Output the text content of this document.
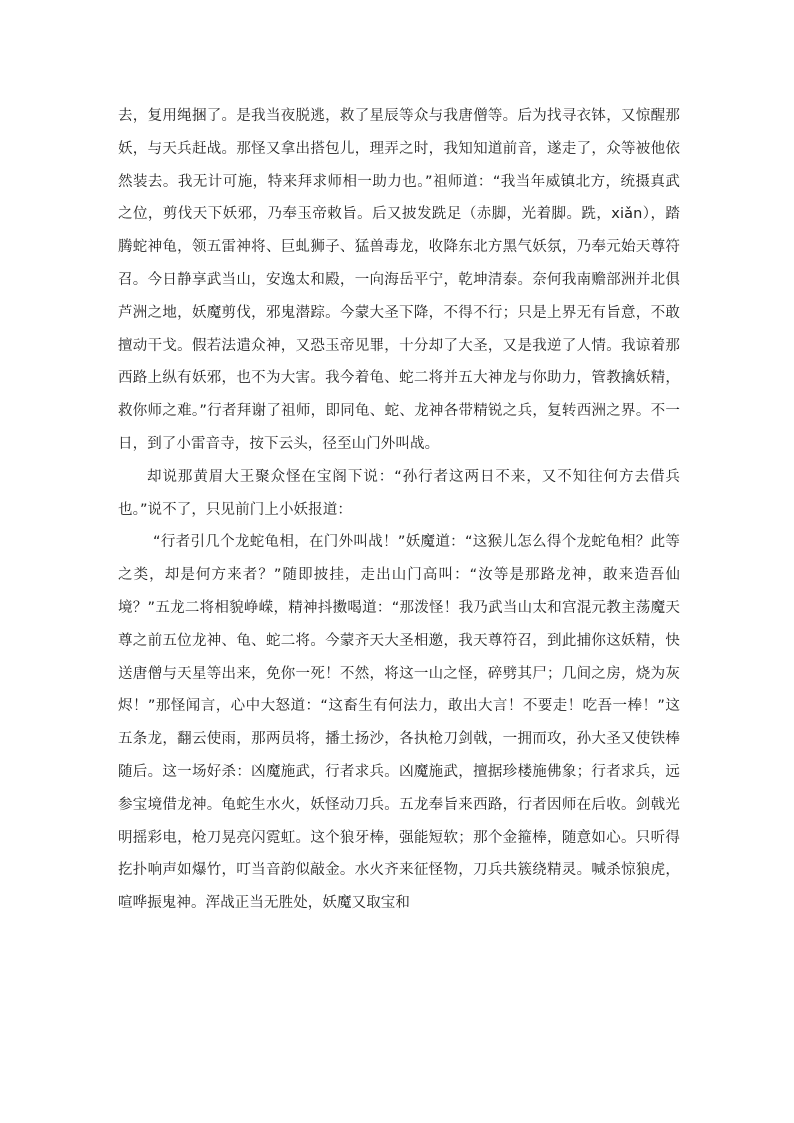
去，复用绳捆了。是我当夜脱逃，救了星辰等众与我唐僧等。后为找寻衣钵，又惊醒那妖，与天兵赶战。那怪又拿出搭包儿，理弄之时，我知知道前音，遂走了，众等被他依然装去。我无计可施，特来拜求师相一助力也。”祖师道：“我当年威镇北方，统摄真武之位，剪伐天下妖邪，乃奉玉帝敕旨。后又披发跣足（赤脚，光着脚。跣，xiǎn），踏腾蛇神龟，领五雷神将、巨虬狮子、猛兽毒龙，收降东北方黑气妖氛，乃奉元始天尊符召。今日静享武当山，安逸太和殿，一向海岳平宁，乾坤清泰。奈何我南赡部洲并北俱芦洲之地，妖魔剪伐，邪鬼潜踪。今蒙大圣下降，不得不行；只是上界无有旨意，不敢擅动干戈。假若法遣众神，又恐玉帝见罪，十分却了大圣，又是我逆了人情。我谅着那西路上纵有妖邪，也不为大害。我今着龟、蛇二将并五大神龙与你助力，管教擒妖精，救你师之难。”行者拜谢了祖师，即同龟、蛇、龙神各带精锐之兵，复转西洲之界。不一日，到了小雷音寺，按下云头，径至山门外叫战。

却说那黄眉大王聚众怪在宝阁下说：“孙行者这两日不来，又不知往何方去借兵也。”说不了，只见前门上小妖报道：

“行者引几个龙蛇龟相，在门外叫战！”妖魔道：“这猴儿怎么得个龙蛇龟相？此等之类，却是何方来者？”随即披挂，走出山门高叫：“汝等是那路龙神，敢来造吾仙境？”五龙二将相貌峥嵘，精神抖擞喝道：“那泼怪！我乃武当山太和宫混元教主荡魔天尊之前五位龙神、龟、蛇二将。今蒙齐天大圣相邀，我天尊符召，到此捕你这妖精，快送唐僧与天星等出来，免你一死！不然，将这一山之怪，碎劈其尸；几间之房，烧为灰烬！”那怪闻言，心中大怒道：“这畜生有何法力，敢出大言！不要走！吃吾一棒！”这五条龙，翻云使雨，那两员将，播土扬沙，各执枪刀剑戟，一拥而攻，孙大圣又使铁棒随后。这一场好杀：凶魔施武，行者求兵。凶魔施武，擅据珍楼施佛象；行者求兵，远参宝境借龙神。龟蛇生水火，妖怪动刀兵。五龙奉旨来西路，行者因师在后收。剑戟光明摇彩电，枪刀晃亮闪霓虹。这个狼牙棒，强能短软；那个金箍棒，随意如心。只听得扢扑响声如爆竹，叮当音韵似敲金。水火齐来征怪物，刀兵共簇绕精灵。喊杀惊狼虎，喧哗振鬼神。浑战正当无胜处，妖魔又取宝和
